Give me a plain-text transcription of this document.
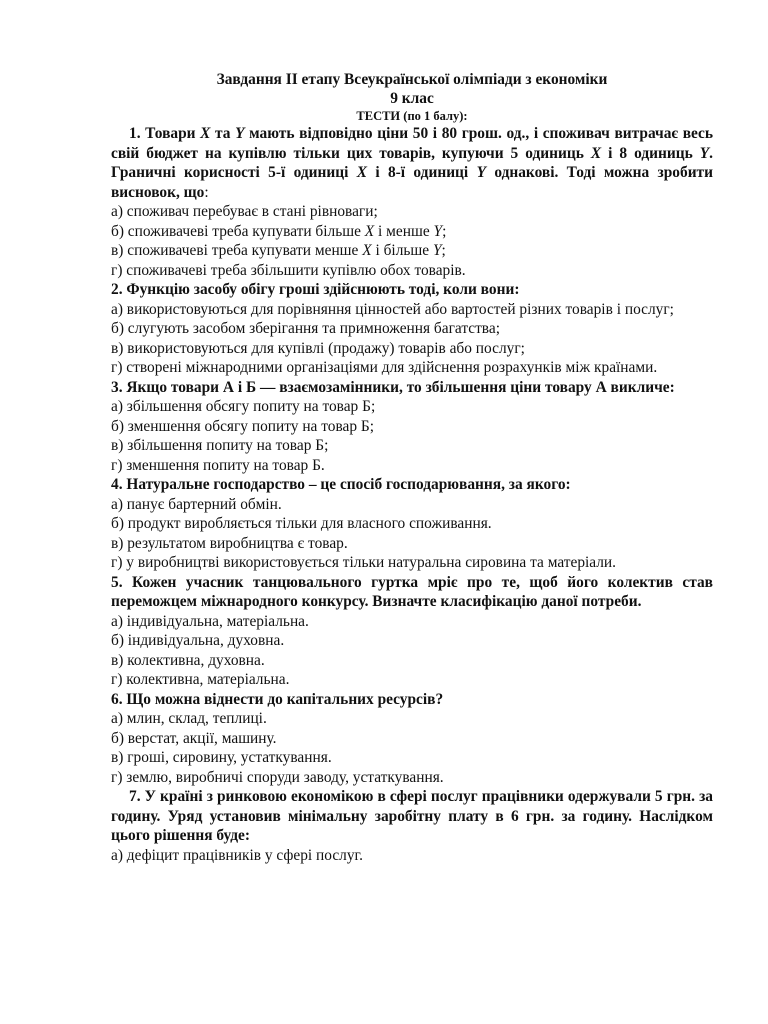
Завдання ІІ етапу Всеукраїнської олімпіади з економіки
9 клас
ТЕСТИ (по 1 балу):
1. Товари X та Y мають відповідно ціни 50 і 80 грош. од., і споживач витрачає весь свій бюджет на купівлю тільки цих товарів, купуючи 5 одиниць X і 8 одиниць Y. Граничні корисності 5-ї одиниці X і 8-ї одиниці Y однакові. Тоді можна зробити висновок, що:
а) споживач перебуває в стані рівноваги;
б) споживачеві треба купувати більше X і менше Y;
в) споживачеві треба купувати менше X і більше Y;
г) споживачеві треба збільшити купівлю обох товарів.
2. Функцію засобу обігу гроші здійснюють тоді, коли вони:
а) використовуються для порівняння цінностей або вартостей різних товарів і послуг;
б) слугують засобом зберігання та примноження багатства;
в) використовуються для купівлі (продажу) товарів або послуг;
г) створені міжнародними організаціями для здійснення розрахунків між країнами.
3. Якщо товари А і Б — взаємозамінники, то збільшення ціни товару А викличе:
а) збільшення обсягу попиту на товар Б;
б) зменшення обсягу попиту на товар Б;
в) збільшення попиту на товар Б;
г) зменшення попиту на товар Б.
4. Натуральне господарство – це спосіб господарювання, за якого:
а) панує бартерний обмін.
б) продукт виробляється тільки для власного споживання.
в) результатом виробництва є товар.
г) у виробництві використовується тільки натуральна сировина та матеріали.
5. Кожен учасник танцювального гуртка мріє про те, щоб його колектив став переможцем міжнародного конкурсу. Визначте класифікацію даної потреби.
а) індивідуальна, матеріальна.
б) індивідуальна, духовна.
в) колективна, духовна.
г) колективна, матеріальна.
6. Що можна віднести до капітальних ресурсів?
а) млин, склад, теплиці.
б) верстат, акції, машину.
в) гроші, сировину, устаткування.
г) землю, виробничі споруди заводу, устаткування.
7. У країні з ринковою економікою в сфері послуг працівники одержували 5 грн. за годину. Уряд установив мінімальну заробітну плату в 6 грн. за годину. Наслідком цього рішення буде:
а) дефіцит працівників у сфері послуг.
